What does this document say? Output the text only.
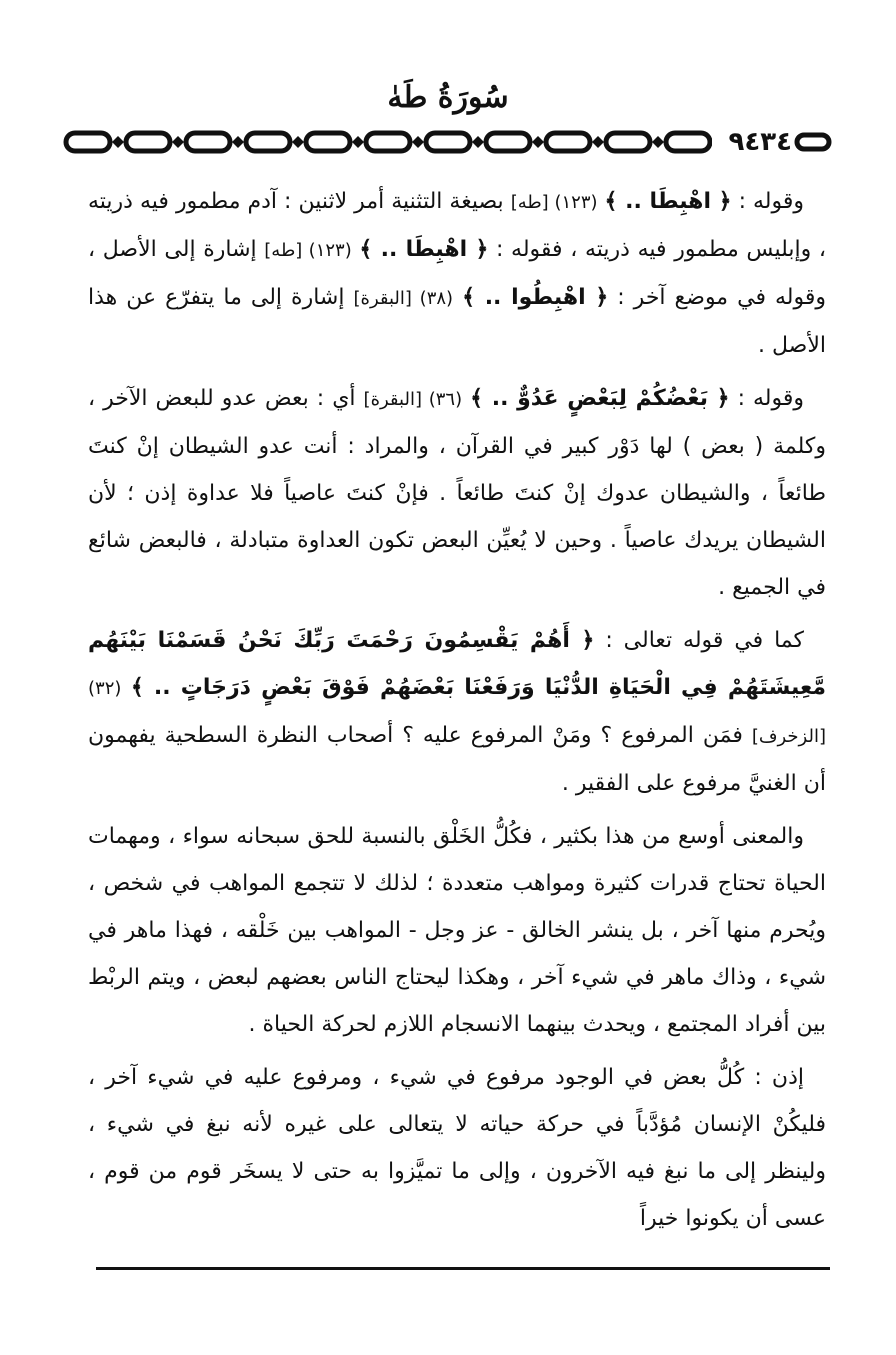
سُورَةُ طَهٰ
٩٤٣٤

وقوله : ﴿ اهْبِطَا .. ﴾ (١٢٣) [طه] بصيغة التثنية أمر لاثنين : آدم مطمور فيه ذريته ، وإبليس مطمور فيه ذريته ، فقوله : ﴿ اهْبِطَا .. ﴾ (١٢٣) [طه] إشارة إلى الأصل ، وقوله في موضع آخر : ﴿ اهْبِطُوا .. ﴾ (٣٨) [البقرة] إشارة إلى ما يتفرّع عن هذا الأصل .

وقوله : ﴿ بَعْضُكُمْ لِبَعْضٍ عَدُوٌّ .. ﴾ (٣٦) [البقرة] أي : بعض عدو للبعض الآخر ، وكلمة ( بعض ) لها دَوْر كبير في القرآن ، والمراد : أنت عدو الشيطان إنْ كنتَ طائعاً ، والشيطان عدوك إنْ كنتَ طائعاً . فإنْ كنتَ عاصياً فلا عداوة إذن ؛ لأن الشيطان يريدك عاصياً . وحين لا يُعيِّن البعض تكون العداوة متبادلة ، فالبعض شائع في الجميع .

كما في قوله تعالى : ﴿ أَهُمْ يَقْسِمُونَ رَحْمَتَ رَبِّكَ نَحْنُ قَسَمْنَا بَيْنَهُم مَّعِيشَتَهُمْ فِي الْحَيَاةِ الدُّنْيَا وَرَفَعْنَا بَعْضَهُمْ فَوْقَ بَعْضٍ دَرَجَاتٍ .. ﴾ (٣٢) [الزخرف] فمَن المرفوع ؟ ومَنْ المرفوع عليه ؟ أصحاب النظرة السطحية يفهمون أن الغنيَّ مرفوع على الفقير .

والمعنى أوسع من هذا بكثير ، فكُلُّ الخَلْق بالنسبة للحق سبحانه سواء ، ومهمات الحياة تحتاج قدرات كثيرة ومواهب متعددة ؛ لذلك لا تتجمع المواهب في شخص ، ويُحرم منها آخر ، بل ينشر الخالق - عز وجل - المواهب بين خَلْقه ، فهذا ماهر في شيء ، وذاك ماهر في شيء آخر ، وهكذا ليحتاج الناس بعضهم لبعض ، ويتم الربْط بين أفراد المجتمع ، ويحدث بينهما الانسجام اللازم لحركة الحياة .

إذن : كُلُّ بعض في الوجود مرفوع في شيء ، ومرفوع عليه في شيء آخر ، فليكُنْ الإنسان مُؤدَّباً في حركة حياته لا يتعالى على غيره لأنه نبغ في شيء ، ولينظر إلى ما نبغ فيه الآخرون ، وإلى ما تميَّزوا به حتى لا يسخَر قوم من قوم ، عسى أن يكونوا خيراً
